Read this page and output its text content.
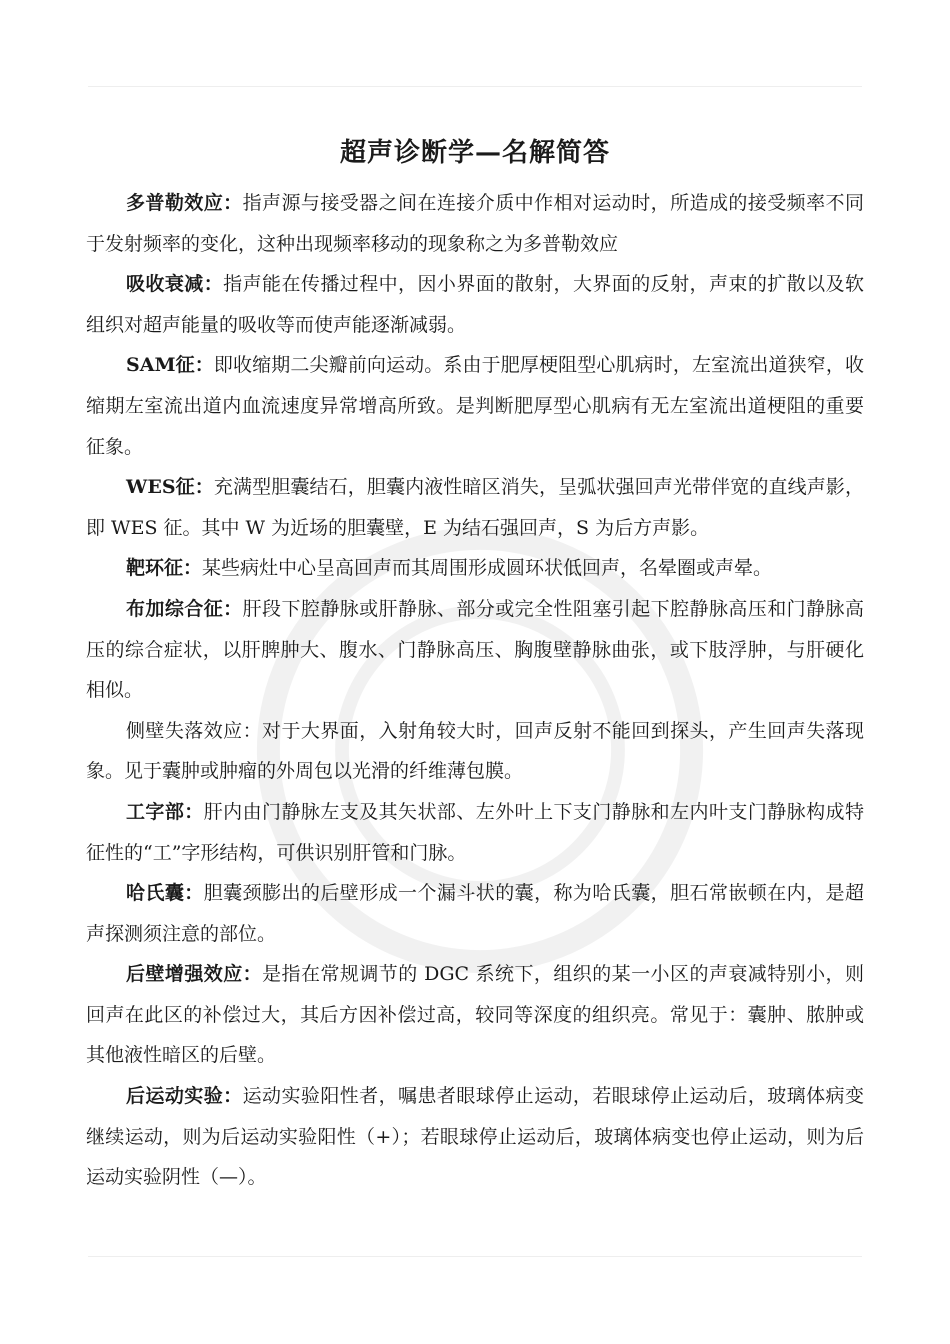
超声诊断学—名解简答

多普勒效应：指声源与接受器之间在连接介质中作相对运动时，所造成的接受频率不同于发射频率的变化，这种出现频率移动的现象称之为多普勒效应

吸收衰减：指声能在传播过程中，因小界面的散射，大界面的反射，声束的扩散以及软组织对超声能量的吸收等而使声能逐渐减弱。

SAM征：即收缩期二尖瓣前向运动。系由于肥厚梗阻型心肌病时，左室流出道狭窄，收缩期左室流出道内血流速度异常增高所致。是判断肥厚型心肌病有无左室流出道梗阻的重要征象。

WES征：充满型胆囊结石，胆囊内液性暗区消失，呈弧状强回声光带伴宽的直线声影，即 WES 征。其中 W 为近场的胆囊壁，E 为结石强回声，S 为后方声影。

靶环征：某些病灶中心呈高回声而其周围形成圆环状低回声，名晕圈或声晕。

布加综合征：肝段下腔静脉或肝静脉、部分或完全性阻塞引起下腔静脉高压和门静脉高压的综合症状，以肝脾肿大、腹水、门静脉高压、胸腹壁静脉曲张，或下肢浮肿，与肝硬化相似。

侧壁失落效应：对于大界面，入射角较大时，回声反射不能回到探头，产生回声失落现象。见于囊肿或肿瘤的外周包以光滑的纤维薄包膜。

工字部：肝内由门静脉左支及其矢状部、左外叶上下支门静脉和左内叶支门静脉构成特征性的“工”字形结构，可供识别肝管和门脉。

哈氏囊：胆囊颈膨出的后壁形成一个漏斗状的囊，称为哈氏囊，胆石常嵌顿在内，是超声探测须注意的部位。

后壁增强效应：是指在常规调节的 DGC 系统下，组织的某一小区的声衰减特别小，则回声在此区的补偿过大，其后方因补偿过高，较同等深度的组织亮。常见于：囊肿、脓肿或其他液性暗区的后壁。

后运动实验：运动实验阳性者，嘱患者眼球停止运动，若眼球停止运动后，玻璃体病变继续运动，则为后运动实验阳性（+）；若眼球停止运动后，玻璃体病变也停止运动，则为后运动实验阴性（—）。
